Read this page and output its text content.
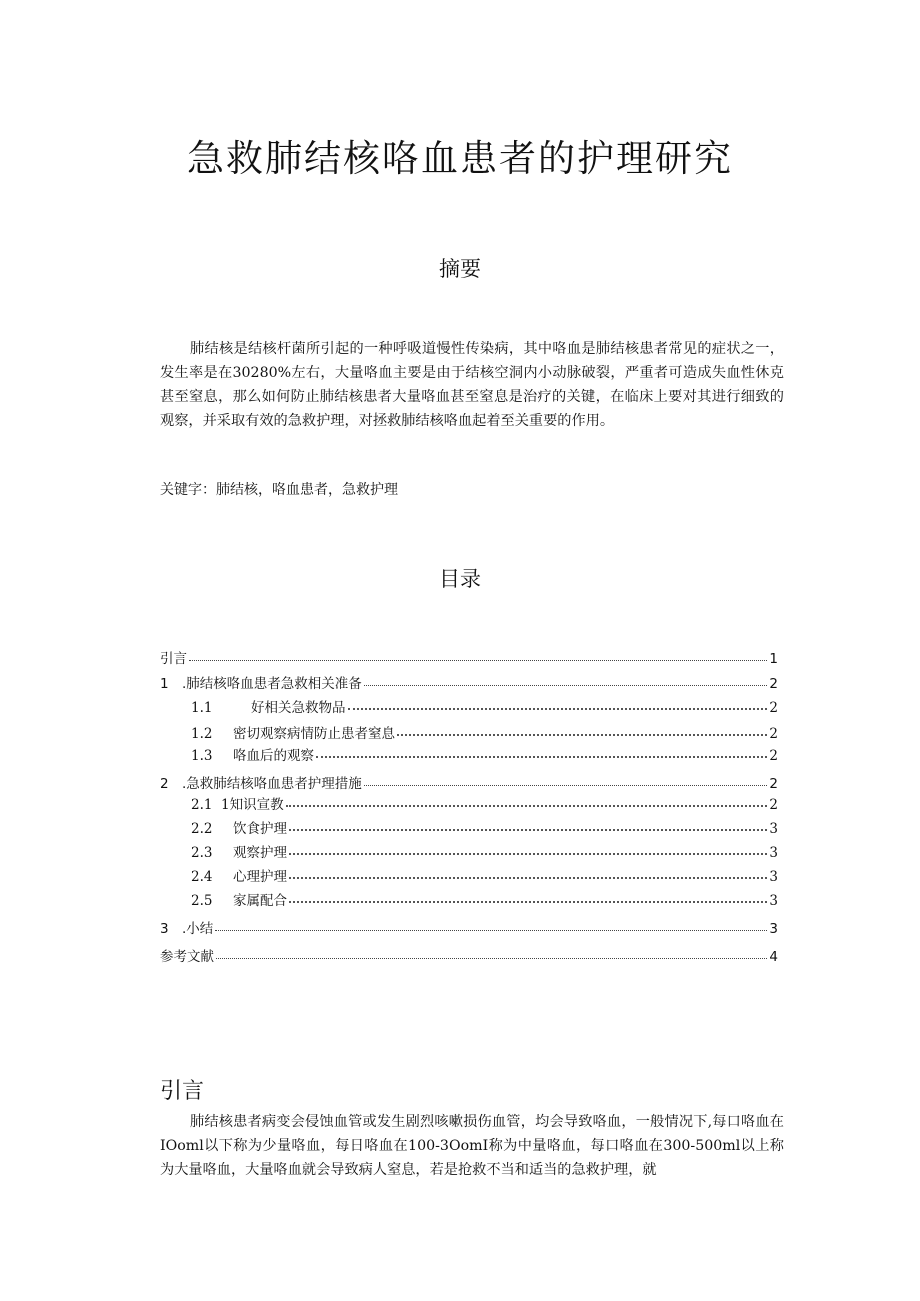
急救肺结核咯血患者的护理研究
摘要
肺结核是结核杆菌所引起的一种呼吸道慢性传染病，其中咯血是肺结核患者常见的症状之一，发生率是在30280%左右，大量咯血主要是由于结核空洞内小动脉破裂，严重者可造成失血性休克甚至窒息，那么如何防止肺结核患者大量咯血甚至窒息是治疗的关键，在临床上要对其进行细致的观察，并采取有效的急救护理，对拯救肺结核咯血起着至关重要的作用。
关键字：肺结核，咯血患者，急救护理
目录
引言	1
1 .肺结核咯血患者急救相关准备	2
1.1	好相关急救物品	2
1.2	密切观察病情防止患者窒息	2
1.3	咯血后的观察	2
2 .急救肺结核咯血患者护理措施	2
2.1 1知识宣教	2
2.2	饮食护理	3
2.3	观察护理	3
2.4	心理护理	3
2.5	家属配合	3
3 .小结	3
参考文献	4
引言
肺结核患者病变会侵蚀血管或发生剧烈咳嗽损伤血管，均会导致咯血，一般情况下,每口咯血在IOoml以下称为少量咯血，每日咯血在100-3OomI称为中量咯血，每口咯血在300-500ml以上称为大量咯血，大量咯血就会导致病人窒息，若是抢救不当和适当的急救护理，就
